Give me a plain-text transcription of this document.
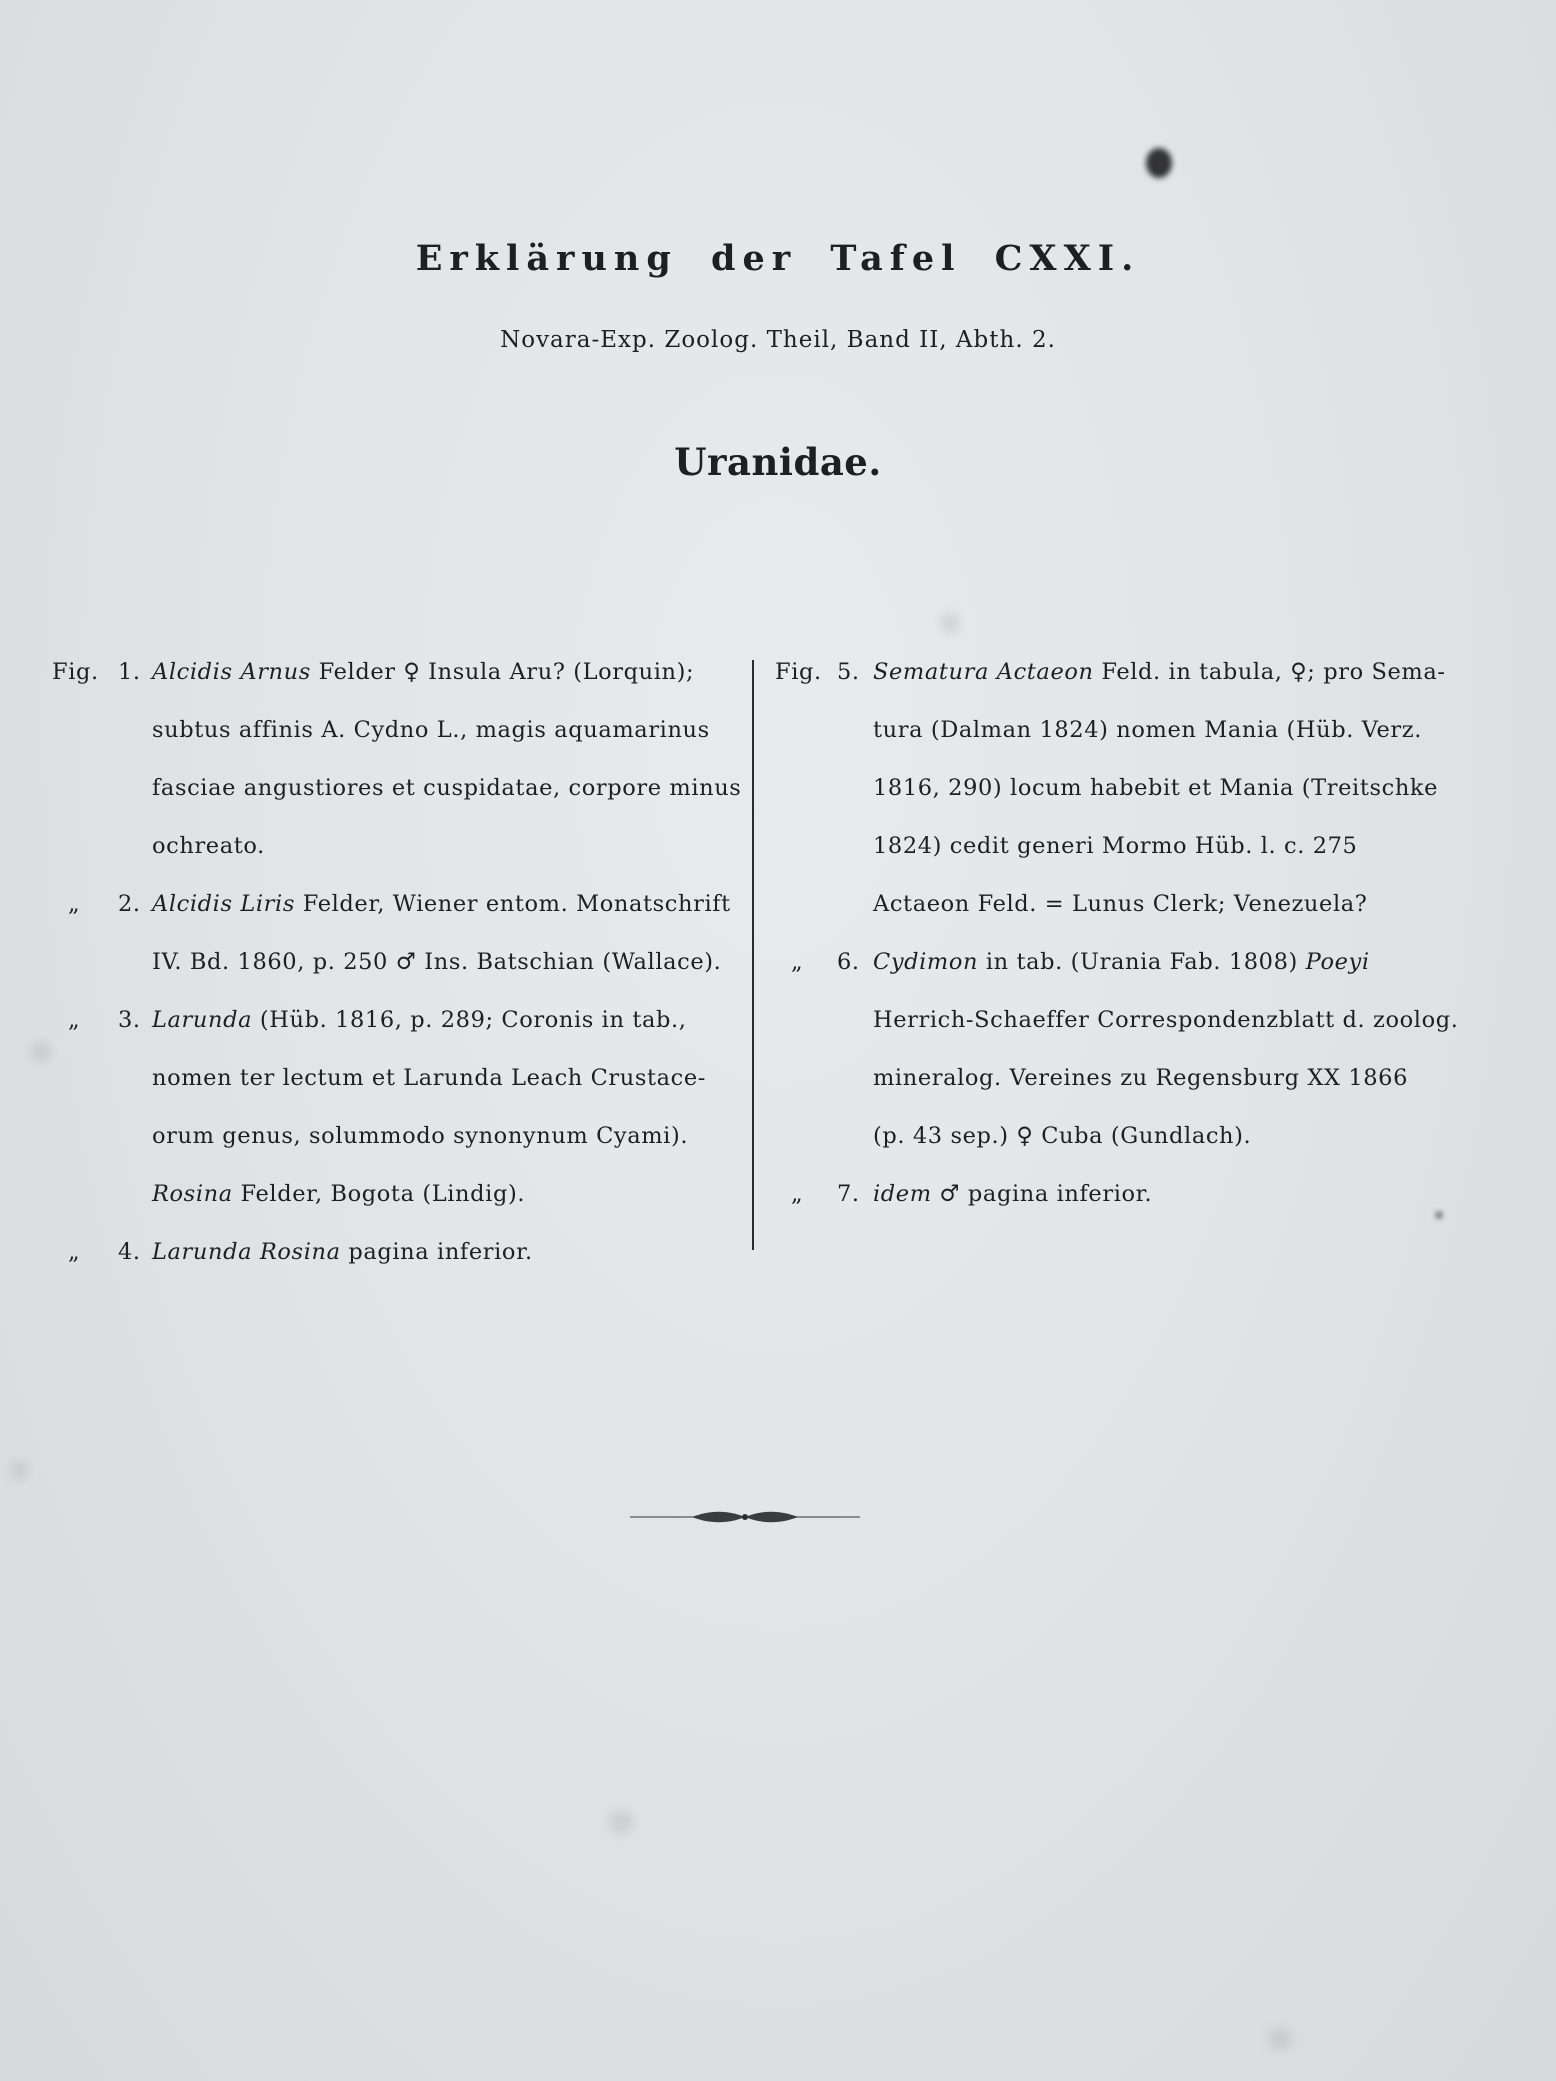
Erklärung der Tafel CXXI.
Novara-Exp. Zoolog. Theil, Band II, Abth. 2.
Uranidae.
Fig. 1. Alcidis Arnus Felder ♀ Insula Aru? (Lorquin);
subtus affinis A. Cydno L., magis aquamarinus
fasciae angustiores et cuspidatae, corpore minus
ochreato.
„	2. Alcidis Liris Felder, Wiener entom. Monatschrift
IV. Bd. 1860, p. 250 ♂ Ins. Batschian (Wallace).
„	3. Larunda (Hüb. 1816, p. 289; Coronis in tab.,
nomen ter lectum et Larunda Leach Crustace-
orum genus, solummodo synonynum Cyami).
Rosina Felder, Bogota (Lindig).
„	4. Larunda Rosina pagina inferior.
Fig. 5. Sematura Actaeon Feld. in tabula, ♀; pro Sema-
tura (Dalman 1824) nomen Mania (Hüb. Verz.
1816, 290) locum habebit et Mania (Treitschke
1824) cedit generi Mormo Hüb. l. c. 275
Actaeon Feld. = Lunus Clerk; Venezuela?
„	6. Cydimon in tab. (Urania Fab. 1808) Poeyi
Herrich-Schaeffer Correspondenzblatt d. zoolog.
mineralog. Vereines zu Regensburg XX 1866
(p. 43 sep.) ♀ Cuba (Gundlach).
„	7. idem ♂ pagina inferior.
